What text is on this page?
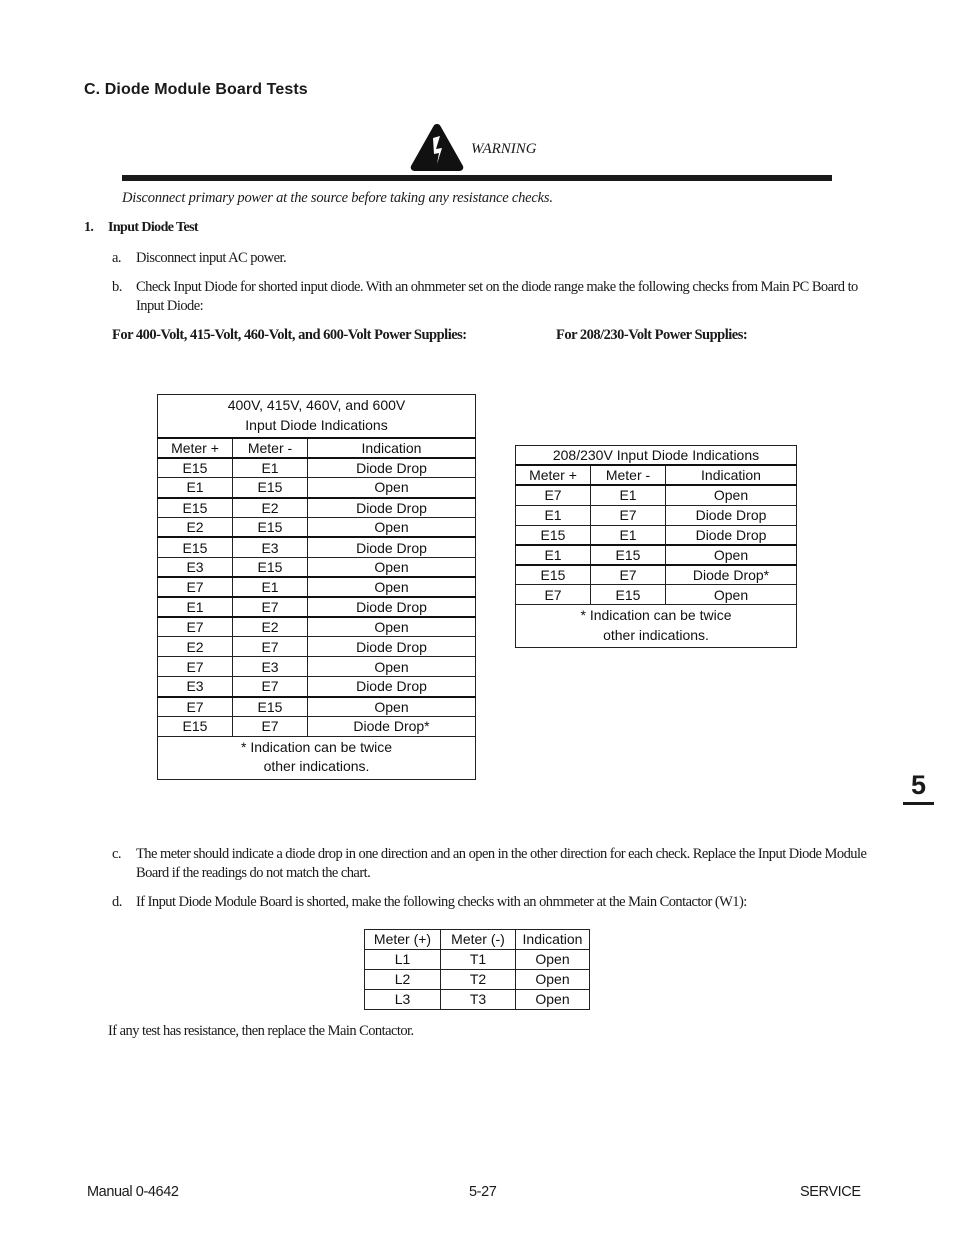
C. Diode Module Board Tests
WARNING
Disconnect primary power at the source before taking any resistance checks.
1. Input Diode Test
a. Disconnect input AC power.
b. Check Input Diode for shorted input diode. With an ohmmeter set on the diode range make the following checks from Main PC Board to Input Diode:
For 400-Volt, 415-Volt, 460-Volt, and 600-Volt Power Supplies:	For 208/230-Volt Power Supplies:
400V, 415V, 460V, and 600V
Input Diode Indications		

Meter +	Meter -	Indication
E15	E1	Diode Drop
E1	E15	Open
E15	E2	Diode Drop
E2	E15	Open
E15	E3	Diode Drop
E3	E15	Open
E7	E1	Open
E1	E7	Diode Drop
E7	E2	Open
E2	E7	Diode Drop
E7	E3	Open
E3	E7	Diode Drop
E7	E15	Open
E15	E7	Diode Drop*

* Indication can be twice
other indications.		
208/230V Input Diode Indications		
Meter +	Meter -	Indication
E7	E1	Open
E1	E7	Diode Drop
E15	E1	Diode Drop
E1	E15	Open
E15	E7	Diode Drop*
E7	E15	Open

* Indication can be twice
other indications.		
5
c. The meter should indicate a diode drop in one direction and an open in the other direction for each check. Replace the Input Diode Module Board if the readings do not match the chart.
d. If Input Diode Module Board is shorted, make the following checks with an ohmmeter at the Main Contactor (W1):
Meter (+)	Meter (-)	Indication
L1	T1	Open
L2	T2	Open
L3	T3	Open
If any test has resistance, then replace the Main Contactor.
Manual 0-4642	5-27	SERVICE
